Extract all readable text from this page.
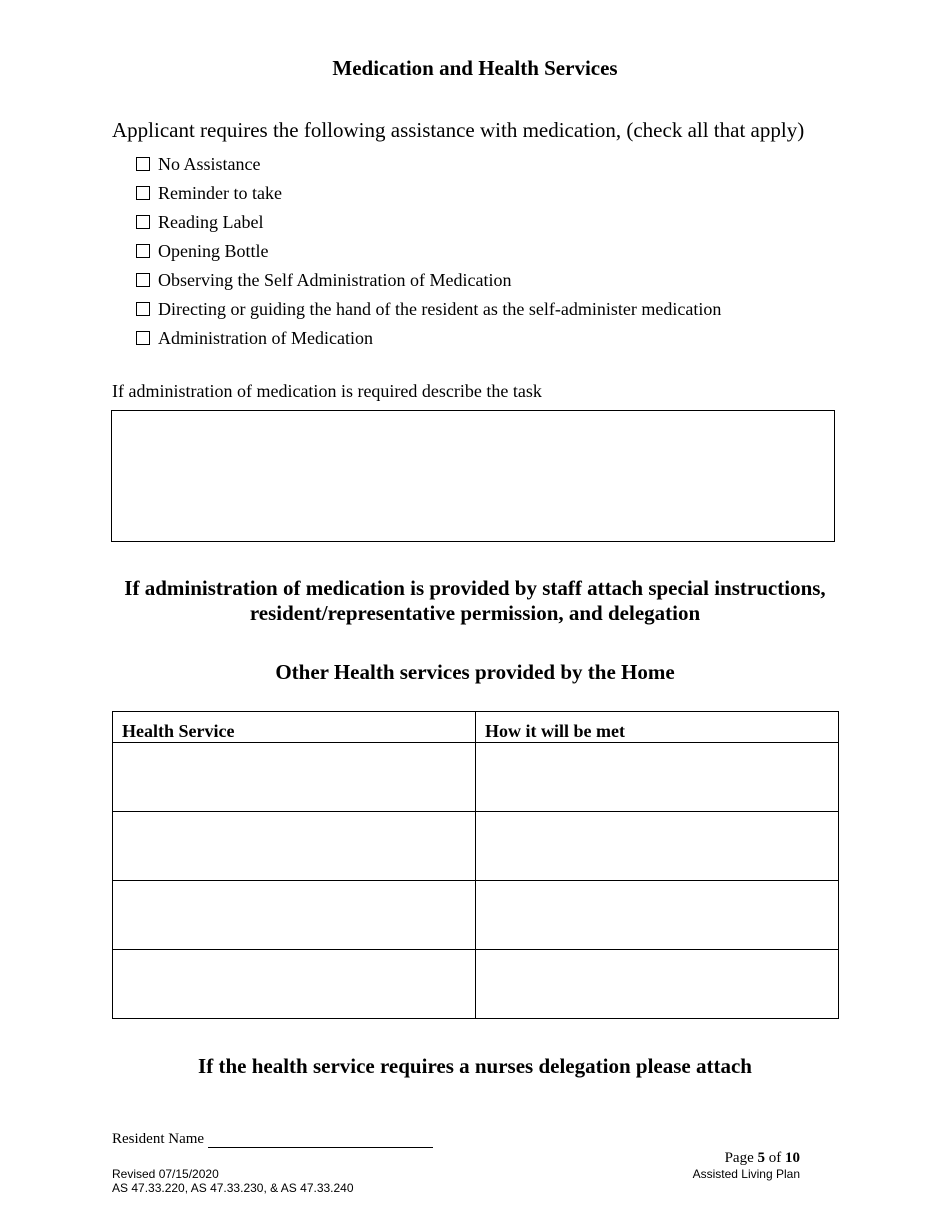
Medication and Health Services
Applicant requires the following assistance with medication, (check all that apply)
No Assistance
Reminder to take
Reading Label
Opening Bottle
Observing the Self Administration of Medication
Directing or guiding the hand of the resident as the self-administer medication
Administration of Medication
If administration of medication is required describe the task
If administration of medication is provided by staff attach special instructions,
resident/representative permission, and delegation
Other Health services provided by the Home
Health Service	How it will be met

If the health service requires a nurses delegation please attach
Resident Name
Page 5 of 10
Assisted Living Plan
Revised 07/15/2020
AS 47.33.220, AS 47.33.230, & AS 47.33.240
